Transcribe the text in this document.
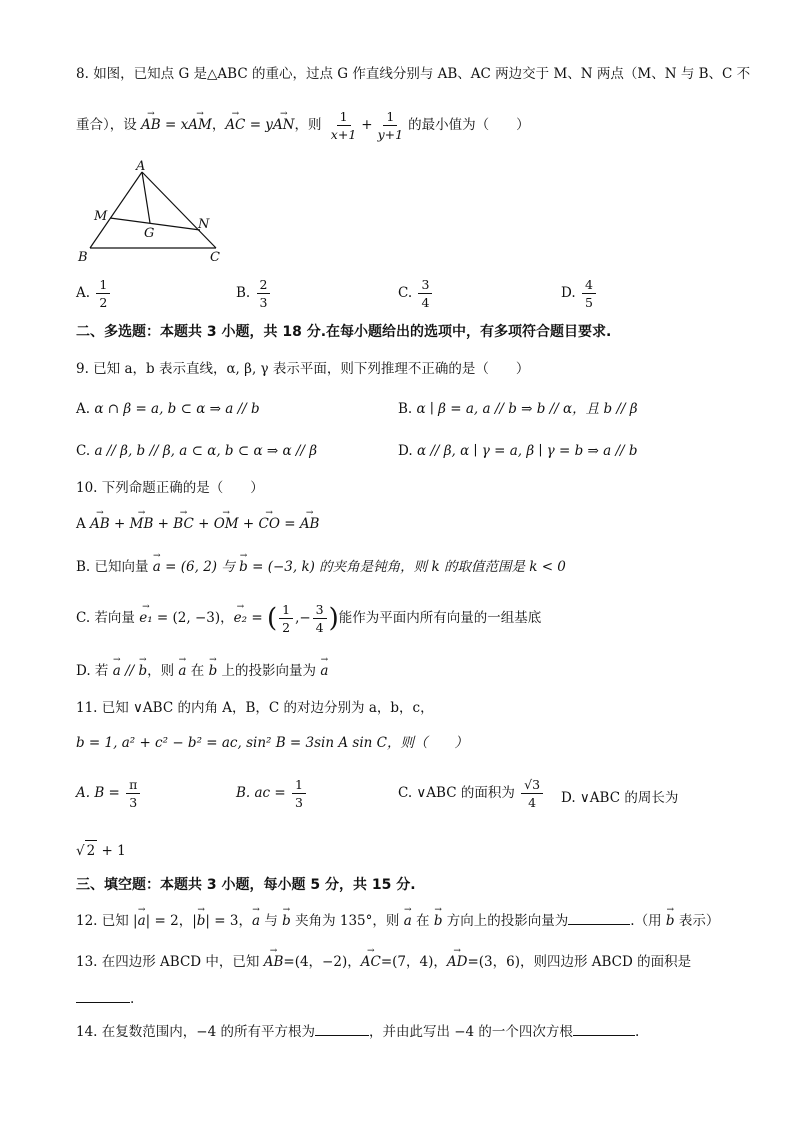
8. 如图，已知点 G 是△ABC 的重心，过点 G 作直线分别与 AB、AC 两边交于 M、N 两点（M、N 与 B、C 不
重合），设 → AB = x→ AM，→ AC = y→ AN，则 $\frac{1}{x+1} + \frac{1}{y+1}$ 的最小值为（　　）
A
M
G
N
B	C
A. $\frac{1}{2}$	B. $\frac{2}{3}$	C. $\frac{3}{4}$	D. $\frac{4}{5}$
二、多选题：本题共 3 小题，共 18 分.在每小题给出的选项中，有多项符合题目要求.
9. 已知 a，b 表示直线，α, β, γ 表示平面，则下列推理不正确的是（　　）
A. α ∩ β = a, b ⊂ α ⇒ a // b	B. α ∣ β = a, a // b ⇒ b // α，且 b // β
C. a // β, b // β, a ⊂ α, b ⊂ α ⇒ α // β	D. α // β, α ∣ γ = a, β ∣ γ = b ⇒ a // b
10. 下列命题正确的是（　　）
A → AB + → MB + → BC + → OM + → CO = → AB
B. 已知向量 → a = (6, 2) 与 → b = (−3, k) 的夹角是钝角，则 k 的取值范围是 k < 0
C. 若向量 → e₁ = (2, −3)，→ e₂ = ( $\frac{1}{2}$ ,− $\frac{3}{4}$ )能作为平面内所有向量的一组基底
D. 若 → a // → b，则 → a 在 → b 上的投影向量为 → a
11. 已知 ∨ABC 的内角 A，B，C 的对边分别为 a，b，c，
b = 1, a² + c² − b² = ac, sin² B = 3sin A sin C，则（　　）
A. $B = \frac{\pi}{3}$	B. ac = $\frac{1}{3}$	C. ∨ABC 的面积为 $\frac{√3}{4} D$. ∨ABC 的周长为
√ 2 + 1
三、填空题：本题共 3 小题，每小题 5 分，共 15 分.
12. 已知 |→ a| = 2，|→ b| = 3，→ a 与 → b 夹角为 135°，则 → a 在 → b 方向上的投影向量为	.（用 → b 表示）
13. 在四边形 ABCD 中，已知 → AB=(4，−2)，→ AC=(7，4)，→ AD=(3，6)，则四边形 ABCD 的面积是
.
14. 在复数范围内，−4 的所有平方根为	，并由此写出 −4 的一个四次方根	.
